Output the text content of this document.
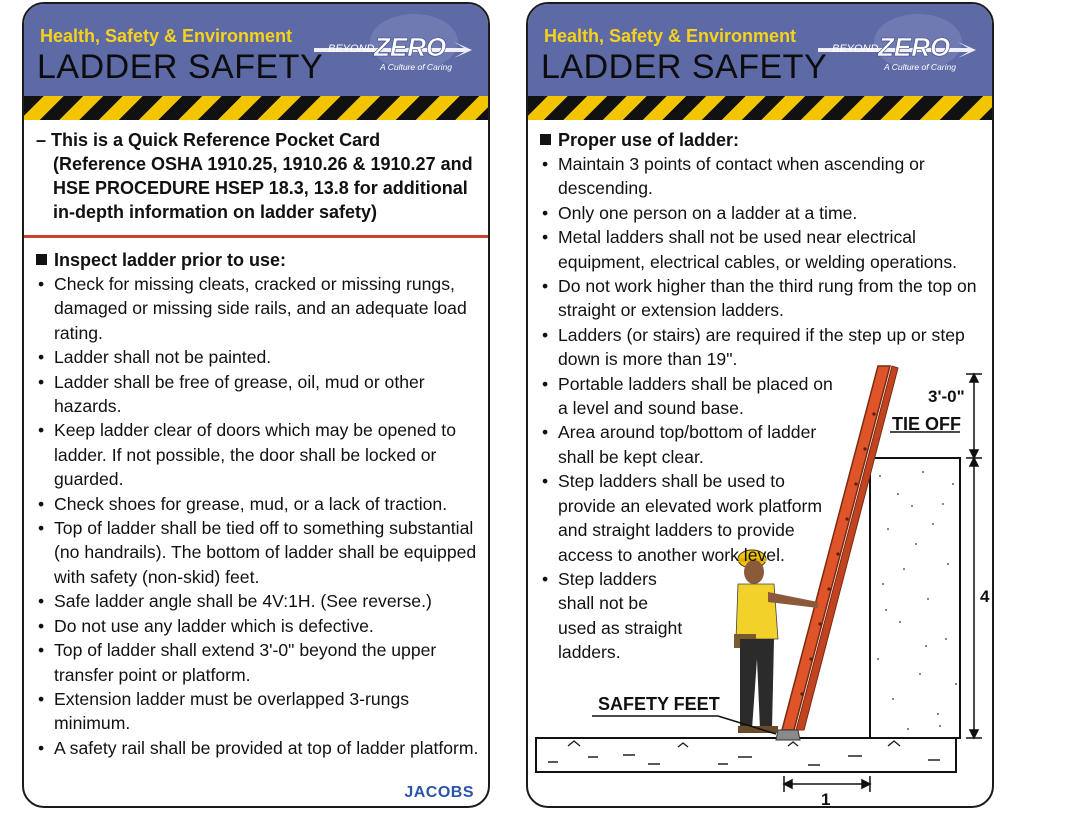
Health, Safety & Environment
LADDER SAFETY BEYOND ZERO
A Culture of Caring
– This is a Quick Reference Pocket Card
(Reference OSHA 1910.25, 1910.26 & 1910.27 and HSE PROCEDURE HSEP 18.3, 13.8 for additional in-depth information on ladder safety)
Inspect ladder prior to use:
• Check for missing cleats, cracked or missing rungs, damaged or missing side rails, and an adequate load rating.
• Ladder shall not be painted.
• Ladder shall be free of grease, oil, mud or other hazards.
• Keep ladder clear of doors which may be opened to ladder. If not possible, the door shall be locked or guarded.
• Check shoes for grease, mud, or a lack of traction.
• Top of ladder shall be tied off to something substantial (no handrails). The bottom of ladder shall be equipped with safety (non-skid) feet.
• Safe ladder angle shall be 4V:1H. (See reverse.)
• Do not use any ladder which is defective.
• Top of ladder shall extend 3'-0" beyond the upper transfer point or platform.
• Extension ladder must be overlapped 3-rungs minimum.
• A safety rail shall be provided at top of ladder platform.
JACOBS
Health, Safety & Environment
LADDER SAFETY BEYOND ZERO
A Culture of Caring
3'-0"
TIE OFF
4
1
SAFETY FEET
Proper use of ladder:
• Maintain 3 points of contact when ascending or descending.
• Only one person on a ladder at a time.
• Metal ladders shall not be used near electrical equipment, electrical cables, or welding operations.
• Do not work higher than the third rung from the top on straight or extension ladders.
• Ladders (or stairs) are required if the step up or step down is more than 19".
• Portable ladders shall be placed on a level and sound base.
• Area around top/bottom of ladder shall be kept clear.
• Step ladders shall be used to provide an elevated work platform and straight ladders to provide access to another work level.
• Step ladders shall not be used as straight ladders.
